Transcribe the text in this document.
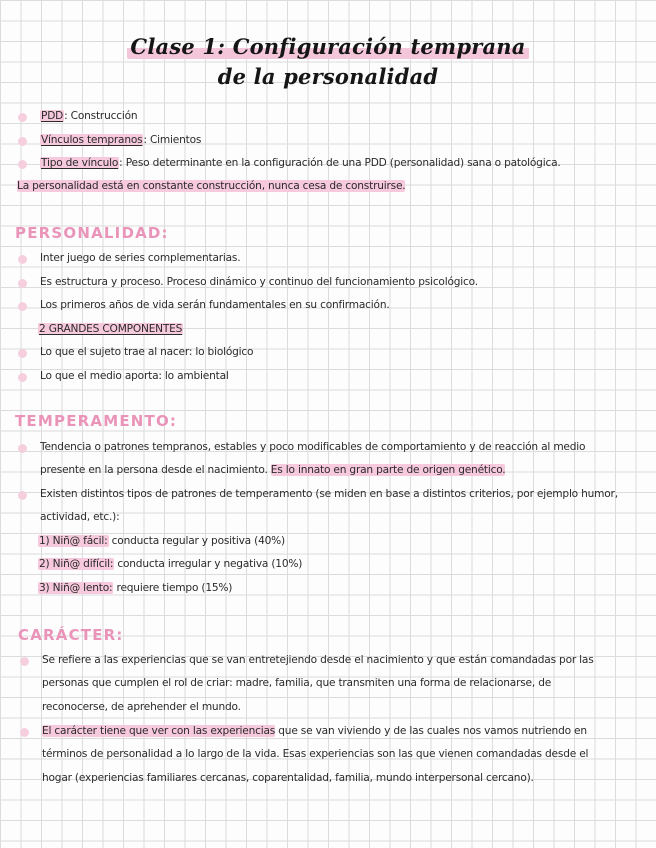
Clase 1: Configuración temprana
de la personalidad
PDD: Construcción
Vínculos tempranos: Cimientos
Tipo de vínculo: Peso determinante en la configuración de una PDD (personalidad) sana o patológica.
La personalidad está en constante construcción, nunca cesa de construirse.
PERSONALIDAD:
Inter juego de series complementarias.
Es estructura y proceso. Proceso dinámico y continuo del funcionamiento psicológico.
Los primeros años de vida serán fundamentales en su confirmación.
2 GRANDES COMPONENTES
Lo que el sujeto trae al nacer: lo biológico
Lo que el medio aporta: lo ambiental
TEMPERAMENTO:
Tendencia o patrones tempranos, estables y poco modificables de comportamiento y de reacción al medio
presente en la persona desde el nacimiento. Es lo innato en gran parte de origen genético.
Existen distintos tipos de patrones de temperamento (se miden en base a distintos criterios, por ejemplo humor,
actividad, etc.):
1) Niñ@ fácil: conducta regular y positiva (40%)
2) Niñ@ difícil: conducta irregular y negativa (10%)
3) Niñ@ lento: requiere tiempo (15%)
CARÁCTER:
Se refiere a las experiencias que se van entretejiendo desde el nacimiento y que están comandadas por las
personas que cumplen el rol de criar: madre, familia, que transmiten una forma de relacionarse, de
reconocerse, de aprehender el mundo.
El carácter tiene que ver con las experiencias que se van viviendo y de las cuales nos vamos nutriendo en
términos de personalidad a lo largo de la vida. Esas experiencias son las que vienen comandadas desde el
hogar (experiencias familiares cercanas, coparentalidad, familia, mundo interpersonal cercano).
